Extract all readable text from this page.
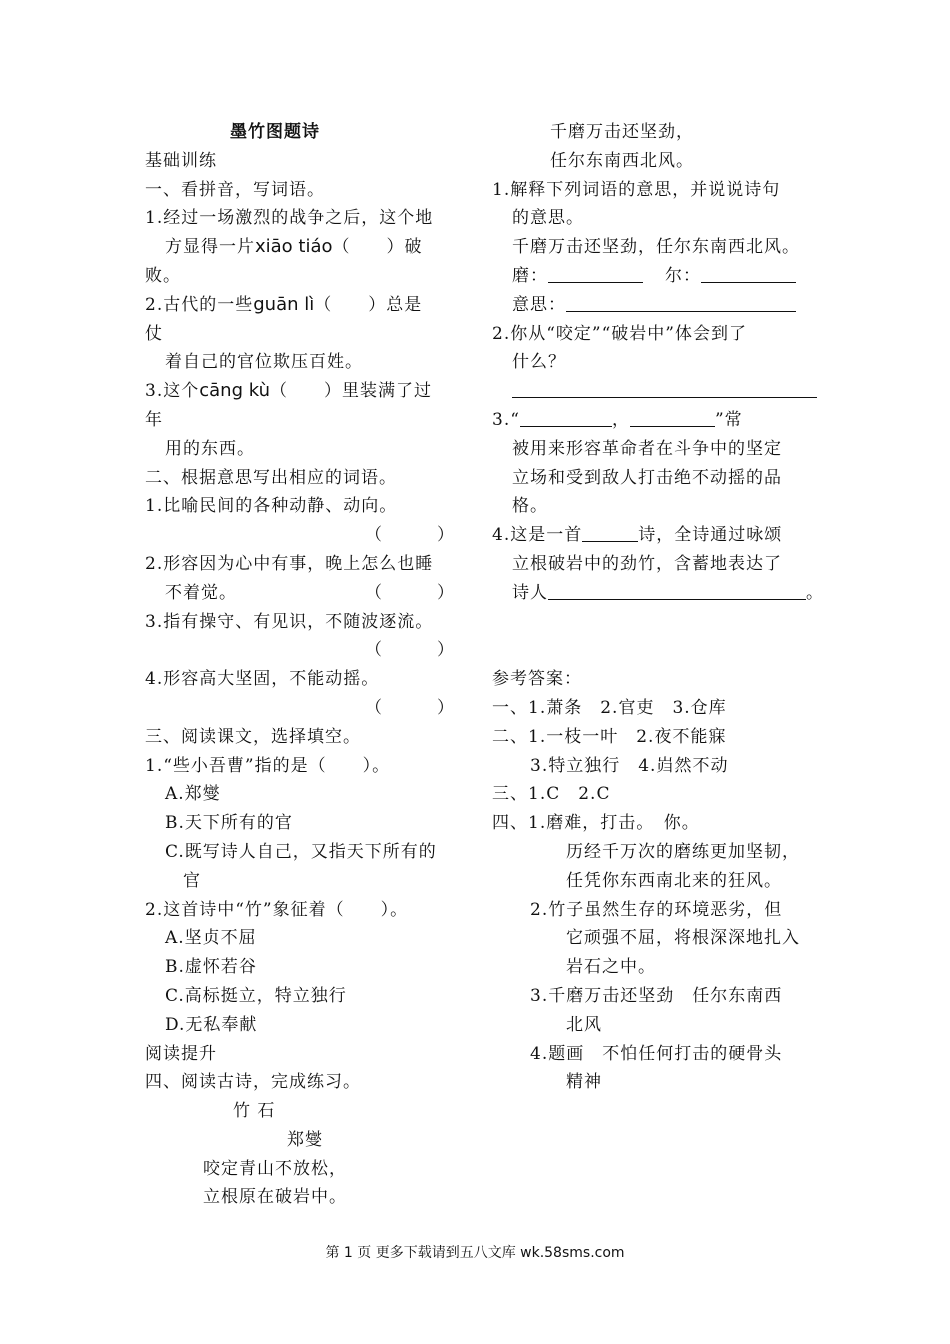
墨竹图题诗
基础训练
一、看拼音，写词语。
1.经过一场激烈的战争之后，这个地
方显得一片xiāo tiáo（　　）破
败。
2.古代的一些guān lì（　　）总是
仗
着自己的官位欺压百姓。
3.这个cāng kù（　　）里装满了过
年
用的东西。
二、根据意思写出相应的词语。
1.比喻民间的各种动静、动向。
（　　　）
2.形容因为心中有事，晚上怎么也睡
不着觉。	（　　　）
3.指有操守、有见识，不随波逐流。
（　　　）
4.形容高大坚固，不能动摇。
（　　　）
三、阅读课文，选择填空。
1.“些小吾曹”指的是（　　）。
A.郑燮
B.天下所有的官
C.既写诗人自己，又指天下所有的
官
2.这首诗中“竹”象征着（　　）。
A.坚贞不屈
B.虚怀若谷
C.高标挺立，特立独行
D.无私奉献
阅读提升
四、阅读古诗，完成练习。
竹 石
郑燮
咬定青山不放松，
立根原在破岩中。
千磨万击还坚劲，
任尔东南西北风。
1.解释下列词语的意思，并说说诗句
的意思。
千磨万击还坚劲，任尔东南西北风。
磨：	尔：
意思：
2.你从“咬定”“破岩中”体会到了
什么？
3.“	，	”常
被用来形容革命者在斗争中的坚定
立场和受到敌人打击绝不动摇的品
格。
4.这是一首	诗，全诗通过咏颂
立根破岩中的劲竹，含蓄地表达了
诗人	。
参考答案：
一、1.萧条　2.官吏　3.仓库
二、1.一枝一叶　2.夜不能寐
3.特立独行　4.岿然不动
三、1.C　2.C
四、1.磨难，打击。　你。
历经千万次的磨练更加坚韧，
任凭你东西南北来的狂风。
2.竹子虽然生存的环境恶劣，但
它顽强不屈，将根深深地扎入
岩石之中。
3.千磨万击还坚劲　任尔东南西
北风
4.题画　不怕任何打击的硬骨头
精神
第 1 页 更多下载请到五八文库 wk.58sms.com
